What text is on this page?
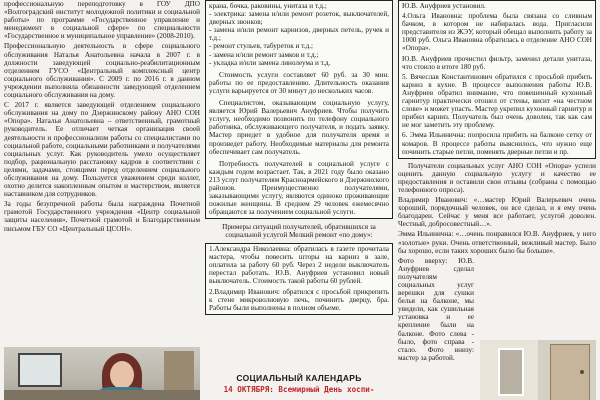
профессиональную переподготовку в ГОУ ДПО «Волгоградский институт молодежной политики и социальной работы» по программе «Государственное управление и менеджмент в социальной сфере» по специальности «Государственное и муниципальное управление» (2008-2010).

Профессиональную деятельность в сфере социального обслуживания Наталья Анатольевна начала в 2007 г. в должности заведующей социально-реабилитационным отделением ГУСО «Центральный комплексный центр социального обслуживания». С 2009 г. по 2016 г. в данном учреждении выполняла обязанности заведующей отделением социального обслуживания на дому.

С 2017 г. является заведующей отделением социального обслуживания на дому по Дзержинскому району АНО СОН «Опора». Наталья Анатольевна – ответственный, грамотный руководитель. Ее отличает четкая организация своей деятельности и профессионализм работы со специалистами по социальной работе, социальными работниками и получателями социальных услуг. Как руководитель умело осуществляет подбор, рациональную расстановку кадров в соответствии с целями, задачами, стоящими перед отделением социального обслуживания на дому. Пользуется уважением среди коллег, охотно делится накопленным опытом и мастерством, является наставником для сотрудников.

За годы безупречной работы была награждена Почетной грамотой Государственного учреждения «Центр социальной защиты населения», Почетной грамотой и Благодарственным письмом ГБУ СО «Центральный ЦСОН».

крана, бочка, раковины, унитаза и т.д.;

- электрика: замена и/или ремонт розеток, выключателей, дверных звонков;

- замена и/или ремонт карнизов, дверных петель, ручек и т.д.;

- ремонт стульев, табуреток и т.д.;

- замена и/или ремонт замков и т.д.;

- укладка и/или замена линолеума и т.д.

Стоимость услуги составляет 60 руб. за 30 мин. работы по ее предоставлению. Длительность оказания услуги варьируется от 30 минут до нескольких часов.

Специалистом, оказывающим социальную услугу, является Юрий Валерьевич Ануфриев. Чтобы получить услугу, необходимо позвонить по телефону социального работника, обслуживающего получателя, и подать заявку. Мастер приедет в удобное для получателя время и произведет работу. Необходимые материалы для ремонта обеспечивает сам получатель.

Потребность получателей в социальной услуге с каждым годом возрастает. Так, в 2021 году было оказано 213 услуг получателям Красноармейского и Дзержинского районов. Преимущественно получателями, заказывающими услугу, являются одиноко проживающие пожилые женщины. В среднем 29 человек ежемесячно обращаются за получением социальной услуги.

Примеры ситуаций получателей, обратившихся за социальной услугой Мелкий ремонт «по дому»:

1.Александра Николаевна: обратилась в газете прочитала мастера, чтобы повесить шторы на карниз в зале, оплатила за работу 60 руб. Через 2 недели выключатель перестал работать. Ю.В. Ануфриев установил новый выключатель. Стоимость такой работы 60 рублей.

2.Владимир Иванович: обратился с просьбой прикрепить к стене микроволновую печь, починить дверцу, бра. Работы были выполнены в полном объеме.

СОЦИАЛЬНЫЙ КАЛЕНДАРЬ
14 ОКТЯБРЯ: Всемирный День хоспи-

Ю.В. Ануфриев установил.

4.Ольга Ивановна: проблема была связана со сливным бачком, в котором не набиралась вода. Пригласили представителя из ЖЭУ, который обещал выполнить работу за 1000 руб. Ольга Ивановна обратилась в отделение АНО СОН «Опора».

Ю.В. Ануфриев прочистил фильтр, заменил детали унитаза, что стоило в итоге 180 руб.

5. Вячеслав Константинович обратился с просьбой прибить карниз в кухне. В процессе выполнения работы Ю.В. Ануфриев обратил внимание, что повешенный кухонный гарнитур практически отошел от стены, висит «на честном слове» и может упасть. Мастер укрепил кухонный гарнитур и прибил карниз. Получатель был очень доволен, так как сам не мог заметить эту проблему.

6. Эмма Ильинична: попросила прибить на балконе сетку от комаров. В процессе работы выяснилось, что нужно еще починить старые петли, поменять дверные петли и пр.

Получатели социальных услуг АНО СОН «Опора» успели оценить данную социальную услугу и качество ее предоставления и оставили свои отзывы (собраны с помощью телефонного опроса).

Владимир Иванович: «…мастер Юрий Валерьевич очень хороший, порядочный человек, он все сделал, и я ему очень благодарен. Сейчас у меня все работает, услугой доволен. Честный, добросовестный…».

Эмма Ильинична: «…очень понравился Ю.В. Ануфриев, у него «золотые» руки. Очень ответственный, вежливый мастер. Было бы хорошо, если таких хороших было бы больше».

Фото вверху: Ю.В. Ануфриев сделал получателям социальных услуг верешки для сушки белья на балконе, мы увидели, как сушильная установка и ее крепление были на балконе. Фото слева - было, фото справа - стало. Фото внизу: мастер за работой.
